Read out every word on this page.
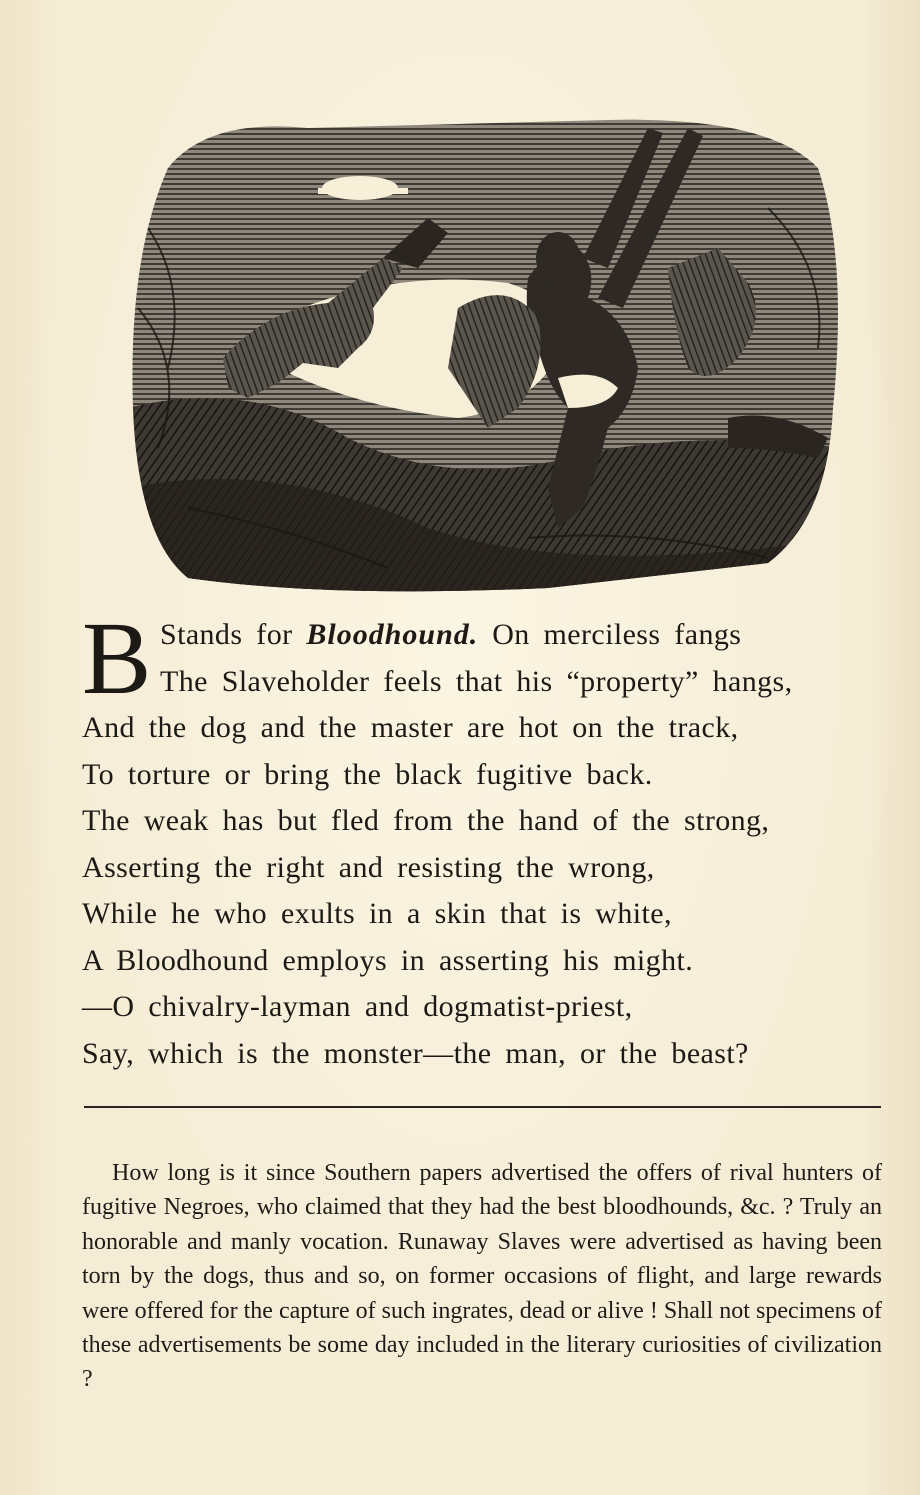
B Stands for Bloodhound. On merciless fangs
The Slaveholder feels that his “property” hangs,
And the dog and the master are hot on the track,
To torture or bring the black fugitive back.
The weak has but fled from the hand of the strong,
Asserting the right and resisting the wrong,
While he who exults in a skin that is white,
A Bloodhound employs in asserting his might.
—O chivalry-layman and dogmatist-priest,
Say, which is the monster—the man, or the beast?

How long is it since Southern papers advertised the offers of rival hunters of fugitive Negroes, who claimed that they had the best bloodhounds, &c. ? Truly an honorable and manly vocation. Runaway Slaves were advertised as having been torn by the dogs, thus and so, on former occasions of flight, and large rewards were offered for the capture of such ingrates, dead or alive ! Shall not specimens of these advertisements be some day included in the literary curiosities of civilization ?
